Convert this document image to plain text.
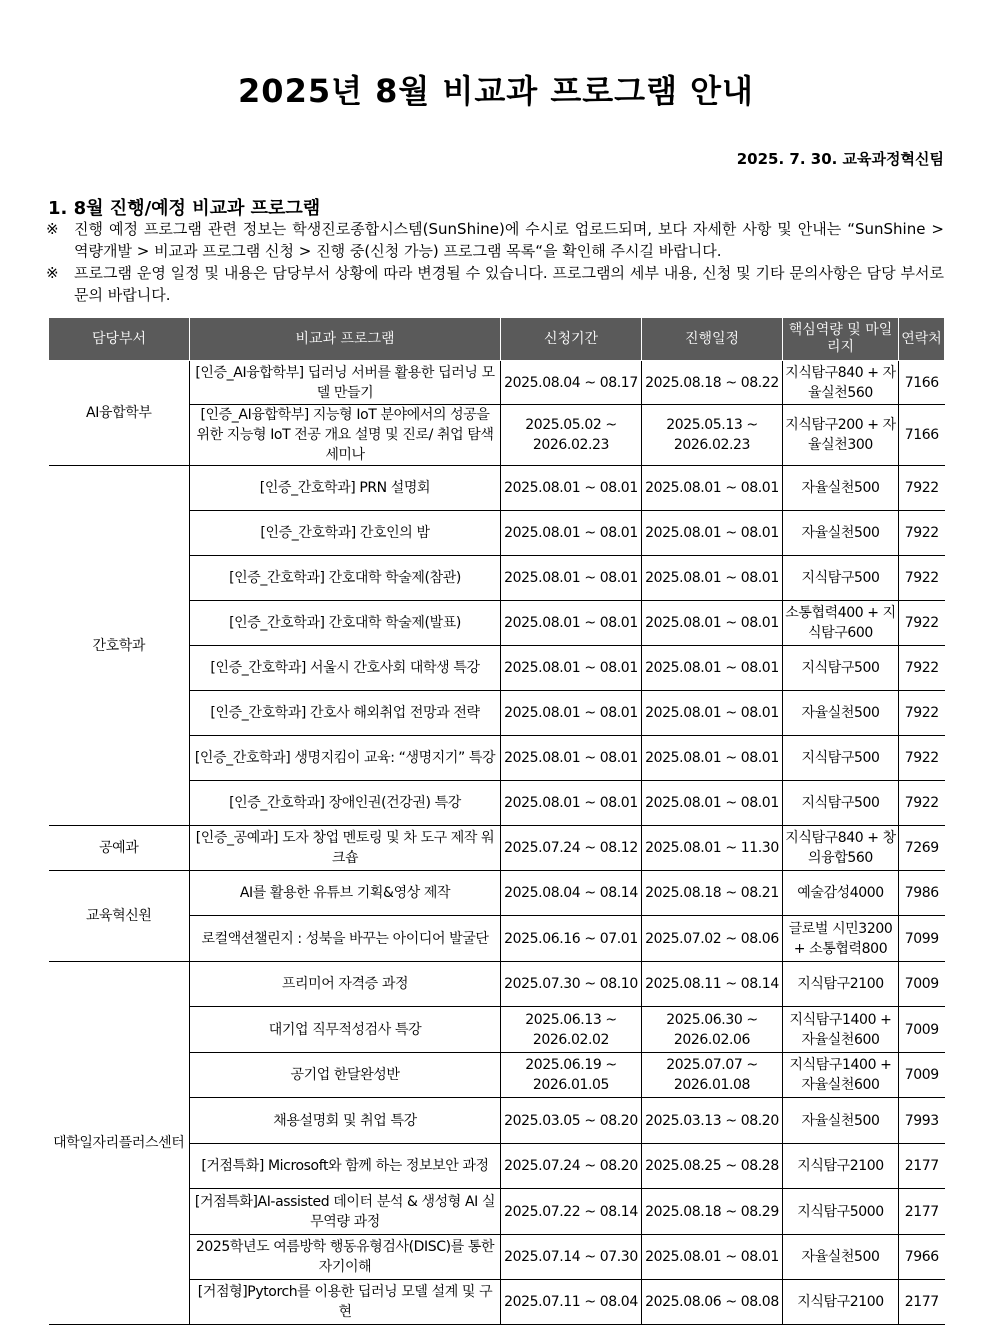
2025년 8월 비교과 프로그램 안내
2025. 7. 30. 교육과정혁신팀
1. 8월 진행/예정 비교과 프로그램
※ 진행 예정 프로그램 관련 정보는 학생진로종합시스템(SunShine)에 수시로 업로드되며, 보다 자세한 사항 및 안내는 “SunShine > 역량개발 > 비교과 프로그램 신청 > 진행 중(신청 가능) 프로그램 목록“을 확인해 주시길 바랍니다.
※ 프로그램 운영 일정 및 내용은 담당부서 상황에 따라 변경될 수 있습니다. 프로그램의 세부 내용, 신청 및 기타 문의사항은 담당 부서로 문의 바랍니다.
담당부서	비교과 프로그램	신청기간	진행일정	핵심역량 및 마일리지	연락처
AI융합학부	[인증_AI융합학부] 딥러닝 서버를 활용한 딥러닝 모델 만들기	2025.08.04 ~ 08.17	2025.08.18 ~ 08.22	지식탐구840 + 자율실천560	7166
	[인증_AI융합학부] 지능형 IoT 분야에서의 성공을 위한 지능형 IoT 전공 개요 설명 및 진로/ 취업 탐색 세미나	2025.05.02 ~ 2026.02.23	2025.05.13 ~ 2026.02.23	지식탐구200 + 자율실천300	7166
간호학과	[인증_간호학과] PRN 설명회	2025.08.01 ~ 08.01	2025.08.01 ~ 08.01	자율실천500	7922
	[인증_간호학과] 간호인의 밤	2025.08.01 ~ 08.01	2025.08.01 ~ 08.01	자율실천500	7922
	[인증_간호학과] 간호대학 학술제(참관)	2025.08.01 ~ 08.01	2025.08.01 ~ 08.01	지식탐구500	7922
	[인증_간호학과] 간호대학 학술제(발표)	2025.08.01 ~ 08.01	2025.08.01 ~ 08.01	소통협력400 + 지식탐구600	7922
	[인증_간호학과] 서울시 간호사회 대학생 특강	2025.08.01 ~ 08.01	2025.08.01 ~ 08.01	지식탐구500	7922
	[인증_간호학과] 간호사 해외취업 전망과 전략	2025.08.01 ~ 08.01	2025.08.01 ~ 08.01	자율실천500	7922
	[인증_간호학과] 생명지킴이 교육: “생명지기” 특강	2025.08.01 ~ 08.01	2025.08.01 ~ 08.01	지식탐구500	7922
	[인증_간호학과] 장애인권(건강권) 특강	2025.08.01 ~ 08.01	2025.08.01 ~ 08.01	지식탐구500	7922
공예과	[인증_공예과] 도자 창업 멘토링 및 차 도구 제작 워크숍	2025.07.24 ~ 08.12	2025.08.01 ~ 11.30	지식탐구840 + 창의융합560	7269
교육혁신원	AI를 활용한 유튜브 기획&영상 제작	2025.08.04 ~ 08.14	2025.08.18 ~ 08.21	예술감성4000	7986
	로컬액션챌린지 : 성북을 바꾸는 아이디어 발굴단	2025.06.16 ~ 07.01	2025.07.02 ~ 08.06	글로벌 시민3200 + 소통협력800	7099
대학일자리플러스센터	프리미어 자격증 과정	2025.07.30 ~ 08.10	2025.08.11 ~ 08.14	지식탐구2100	7009
	대기업 직무적성검사 특강	2025.06.13 ~ 2026.02.02	2025.06.30 ~ 2026.02.06	지식탐구1400 + 자율실천600	7009
	공기업 한달완성반	2025.06.19 ~ 2026.01.05	2025.07.07 ~ 2026.01.08	지식탐구1400 + 자율실천600	7009
	채용설명회 및 취업 특강	2025.03.05 ~ 08.20	2025.03.13 ~ 08.20	자율실천500	7993
	[거점특화] Microsoft와 함께 하는 정보보안 과정	2025.07.24 ~ 08.20	2025.08.25 ~ 08.28	지식탐구2100	2177
	[거점특화]AI-assisted 데이터 분석 & 생성형 AI 실무역량 과정	2025.07.22 ~ 08.14	2025.08.18 ~ 08.29	지식탐구5000	2177
	2025학년도 여름방학 행동유형검사(DISC)를 통한 자기이해	2025.07.14 ~ 07.30	2025.08.01 ~ 08.01	자율실천500	7966
	[거점형]Pytorch를 이용한 딥러닝 모델 설계 및 구현	2025.07.11 ~ 08.04	2025.08.06 ~ 08.08	지식탐구2100	2177
